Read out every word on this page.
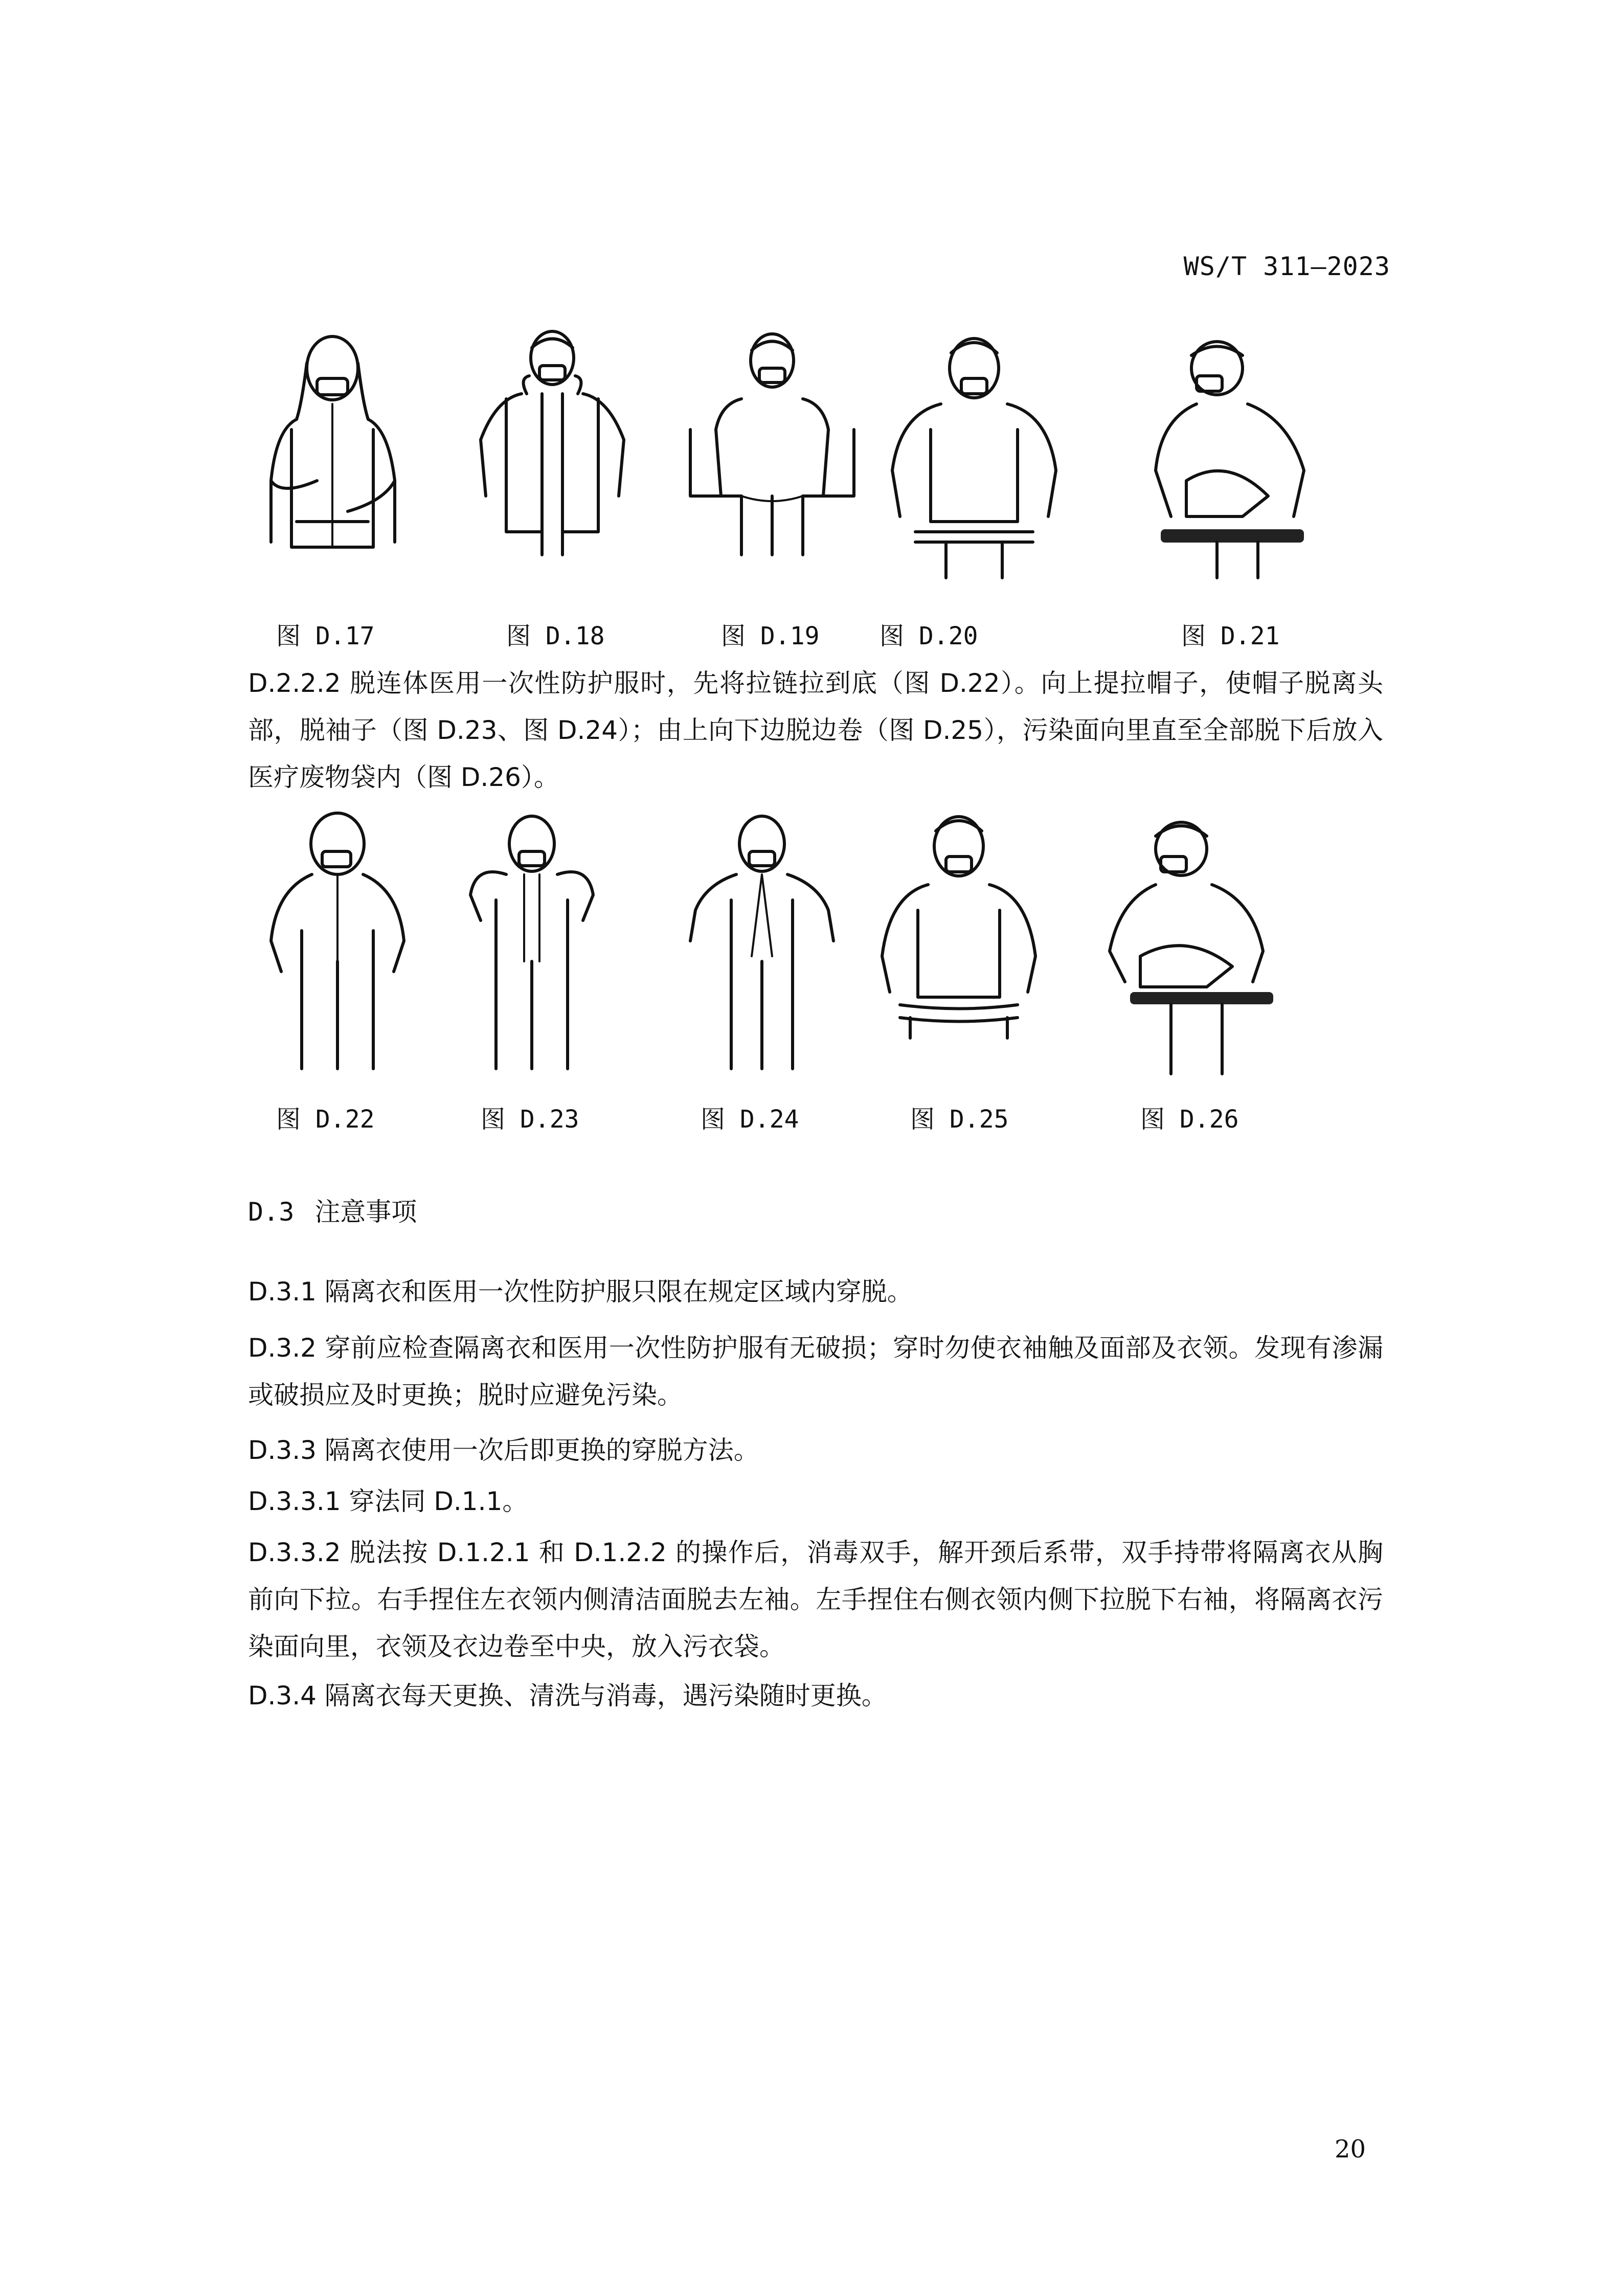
WS/T 311—2023
图 D.17	图 D.18	图 D.19 图 D.20	图 D.21

D.2.2.2 脱连体医用一次性防护服时，先将拉链拉到底（图 D.22）。向上提拉帽子，使帽子脱离头部，脱袖子（图 D.23、图 D.24）；由上向下边脱边卷（图 D.25），污染面向里直至全部脱下后放入医疗废物袋内（图 D.26）。

图 D.22	图 D.23	图 D.24	图 D.25	图 D.26
D.3 注意事项
D.3.1 隔离衣和医用一次性防护服只限在规定区域内穿脱。
D.3.2 穿前应检查隔离衣和医用一次性防护服有无破损；穿时勿使衣袖触及面部及衣领。发现有渗漏或破损应及时更换；脱时应避免污染。
D.3.3 隔离衣使用一次后即更换的穿脱方法。
D.3.3.1 穿法同 D.1.1。
D.3.3.2 脱法按 D.1.2.1 和 D.1.2.2 的操作后，消毒双手，解开颈后系带，双手持带将隔离衣从胸前向下拉。右手捏住左衣领内侧清洁面脱去左袖。左手捏住右侧衣领内侧下拉脱下右袖，将隔离衣污染面向里，衣领及衣边卷至中央，放入污衣袋。
D.3.4 隔离衣每天更换、清洗与消毒，遇污染随时更换。
20
